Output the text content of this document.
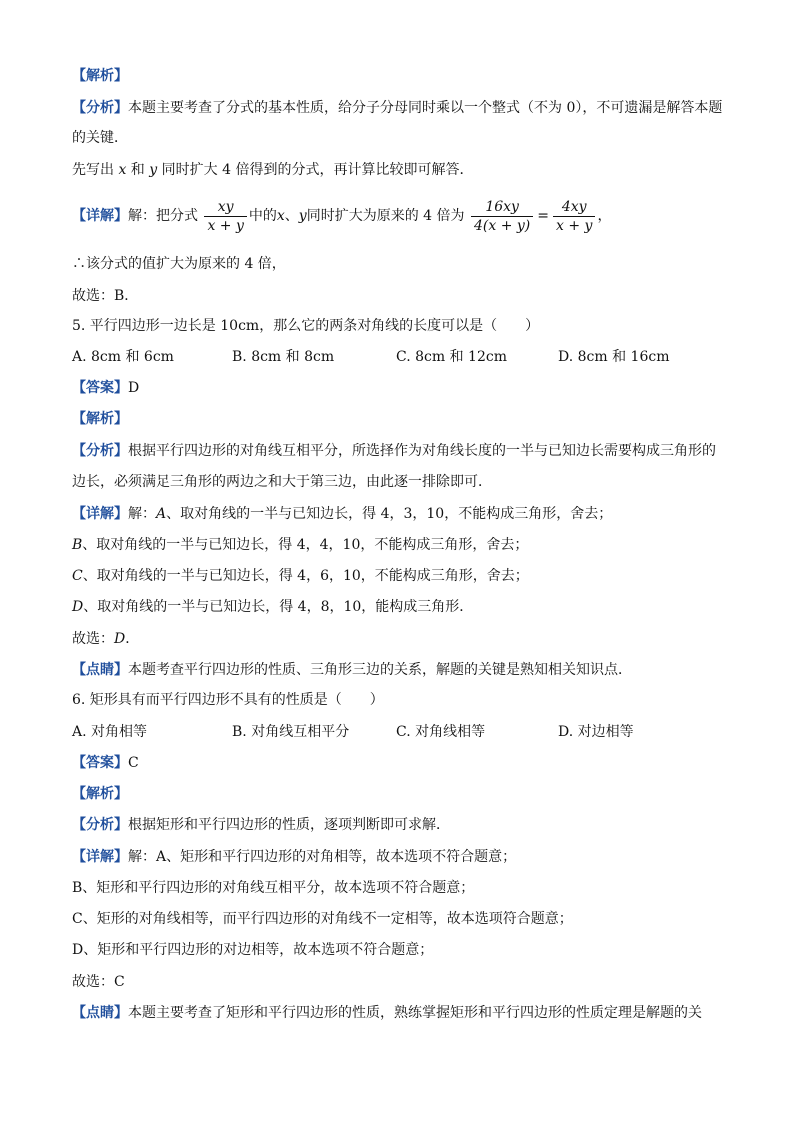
【解析】
【分析】本题主要考查了分式的基本性质，给分子分母同时乘以一个整式（不为 0），不可遗漏是解答本题
的关键．
先写出 x 和 y 同时扩大 4 倍得到的分式，再计算比较即可解答．
【详解】解：把分式 $\frac{xy}{x + y}$ 中的x、y同时扩大为原来的 4 倍为 $\frac{16xy}{4(x + y)} = \frac{4xy}{x + y}$ ，
∴该分式的值扩大为原来的 4 倍，
故选：B．
5. 平行四边形一边长是 10cm，那么它的两条对角线的长度可以是（　　）
A. 8cm 和 6cm	B. 8cm 和 8cm	C. 8cm 和 12cm	D. 8cm 和 16cm
【答案】D
【解析】
【分析】根据平行四边形的对角线互相平分，所选择作为对角线长度的一半与已知边长需要构成三角形的
边长，必须满足三角形的两边之和大于第三边，由此逐一排除即可．
【详解】解：A、取对角线的一半与已知边长，得 4，3，10，不能构成三角形，舍去；
B、取对角线的一半与已知边长，得 4，4，10，不能构成三角形，舍去；
C、取对角线的一半与已知边长，得 4，6，10，不能构成三角形，舍去；
D、取对角线的一半与已知边长，得 4，8，10，能构成三角形．
故选：D．
【点睛】本题考查平行四边形的性质、三角形三边的关系，解题的关键是熟知相关知识点．
6. 矩形具有而平行四边形不具有的性质是（　　）
A. 对角相等	B. 对角线互相平分	C. 对角线相等	D. 对边相等
【答案】C
【解析】
【分析】根据矩形和平行四边形的性质，逐项判断即可求解．
【详解】解：A、矩形和平行四边形的对角相等，故本选项不符合题意；
B、矩形和平行四边形的对角线互相平分，故本选项不符合题意；
C、矩形的对角线相等，而平行四边形的对角线不一定相等，故本选项符合题意；
D、矩形和平行四边形的对边相等，故本选项不符合题意；
故选：C
【点睛】本题主要考查了矩形和平行四边形的性质，熟练掌握矩形和平行四边形的性质定理是解题的关
